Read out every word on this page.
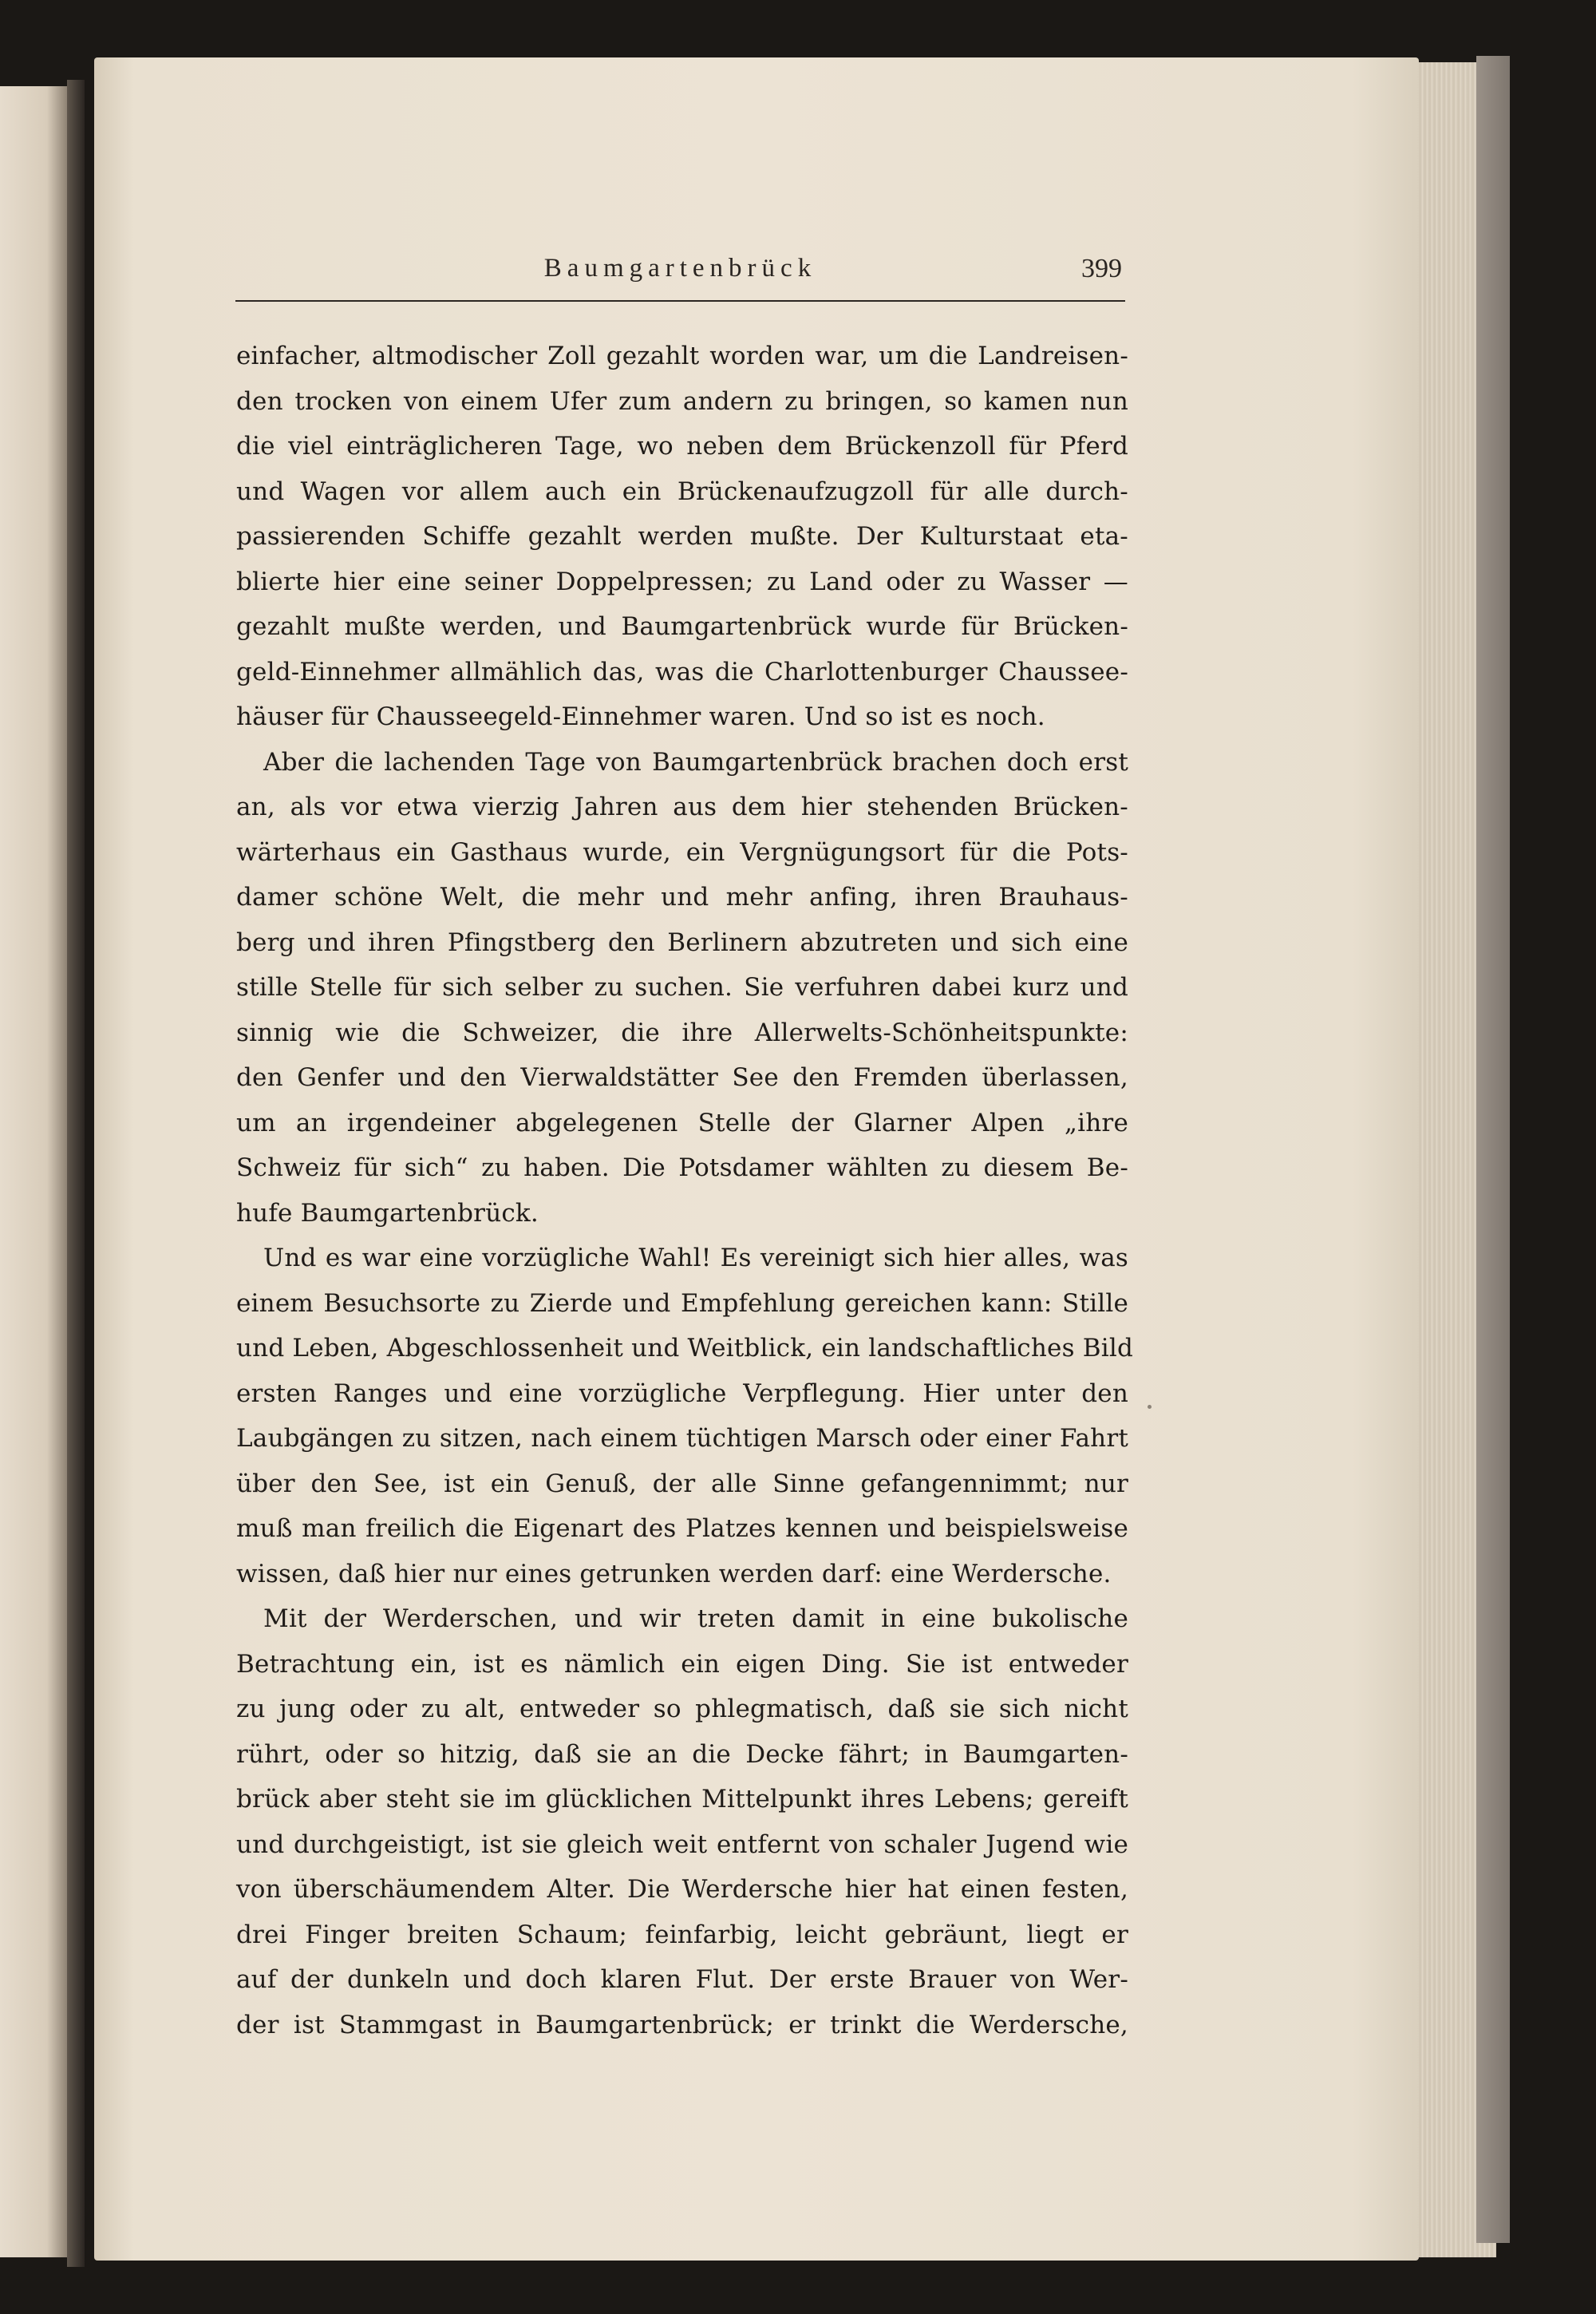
Baumgartenbrück	399
einfacher, altmodischer Zoll gezahlt worden war, um die Landreisen-
den trocken von einem Ufer zum andern zu bringen, so kamen nun
die viel einträglicheren Tage, wo neben dem Brückenzoll für Pferd
und Wagen vor allem auch ein Brückenaufzugzoll für alle durch-
passierenden Schiffe gezahlt werden mußte. Der Kulturstaat eta-
blierte hier eine seiner Doppelpressen; zu Land oder zu Wasser —
gezahlt mußte werden, und Baumgartenbrück wurde für Brücken-
geld-Einnehmer allmählich das, was die Charlottenburger Chaussee-
häuser für Chausseegeld-Einnehmer waren. Und so ist es noch.
Aber die lachenden Tage von Baumgartenbrück brachen doch erst
an, als vor etwa vierzig Jahren aus dem hier stehenden Brücken-
wärterhaus ein Gasthaus wurde, ein Vergnügungsort für die Pots-
damer schöne Welt, die mehr und mehr anfing, ihren Brauhaus-
berg und ihren Pfingstberg den Berlinern abzutreten und sich eine
stille Stelle für sich selber zu suchen. Sie verfuhren dabei kurz und
sinnig wie die Schweizer, die ihre Allerwelts-Schönheitspunkte:
den Genfer und den Vierwaldstätter See den Fremden überlassen,
um an irgendeiner abgelegenen Stelle der Glarner Alpen „ihre
Schweiz für sich“ zu haben. Die Potsdamer wählten zu diesem Be-
hufe Baumgartenbrück.
Und es war eine vorzügliche Wahl! Es vereinigt sich hier alles, was
einem Besuchsorte zu Zierde und Empfehlung gereichen kann: Stille
und Leben, Abgeschlossenheit und Weitblick, ein landschaftliches Bild
ersten Ranges und eine vorzügliche Verpflegung. Hier unter den
Laubgängen zu sitzen, nach einem tüchtigen Marsch oder einer Fahrt
über den See, ist ein Genuß, der alle Sinne gefangennimmt; nur
muß man freilich die Eigenart des Platzes kennen und beispielsweise
wissen, daß hier nur eines getrunken werden darf: eine Werdersche.
Mit der Werderschen, und wir treten damit in eine bukolische
Betrachtung ein, ist es nämlich ein eigen Ding. Sie ist entweder
zu jung oder zu alt, entweder so phlegmatisch, daß sie sich nicht
rührt, oder so hitzig, daß sie an die Decke fährt; in Baumgarten-
brück aber steht sie im glücklichen Mittelpunkt ihres Lebens; gereift
und durchgeistigt, ist sie gleich weit entfernt von schaler Jugend wie
von überschäumendem Alter. Die Werdersche hier hat einen festen,
drei Finger breiten Schaum; feinfarbig, leicht gebräunt, liegt er
auf der dunkeln und doch klaren Flut. Der erste Brauer von Wer-
der ist Stammgast in Baumgartenbrück; er trinkt die Werdersche,
